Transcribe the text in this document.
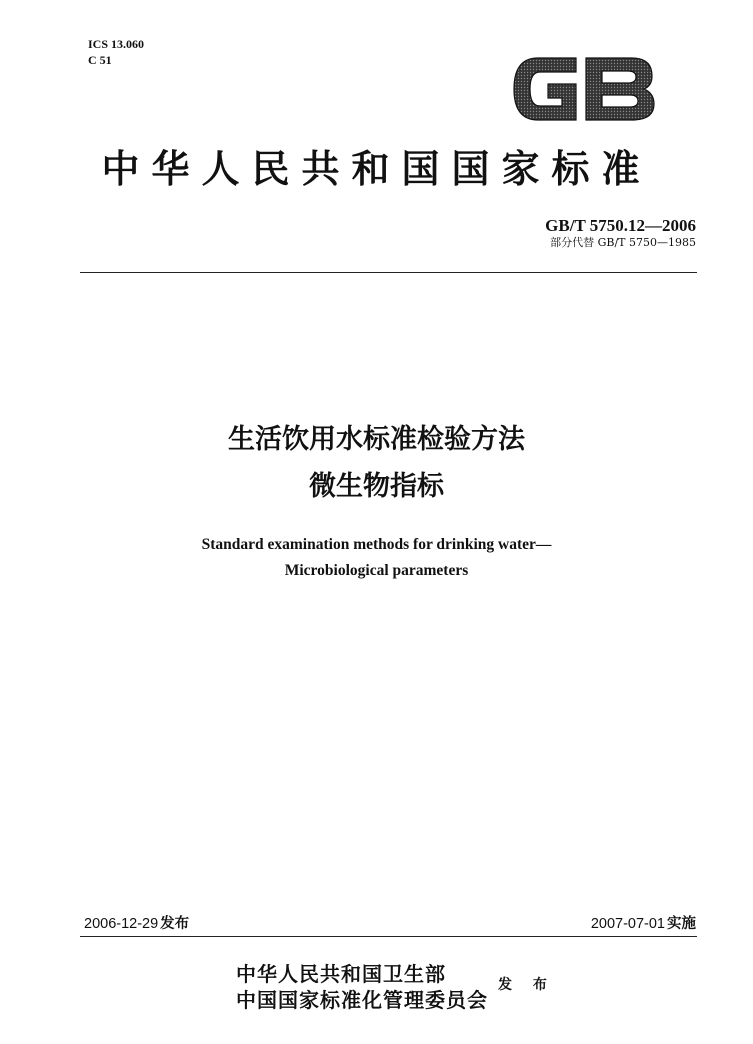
ICS 13.060
C 51
中华人民共和国国家标准
GB/T 5750.12—2006
部分代替 GB/T 5750—1985
生活饮用水标准检验方法
微生物指标
Standard examination methods for drinking water—
Microbiological parameters
2006-12-29 发布	2007-07-01 实施
中华人民共和国卫生部
中国国家标准化管理委员会
发 布
